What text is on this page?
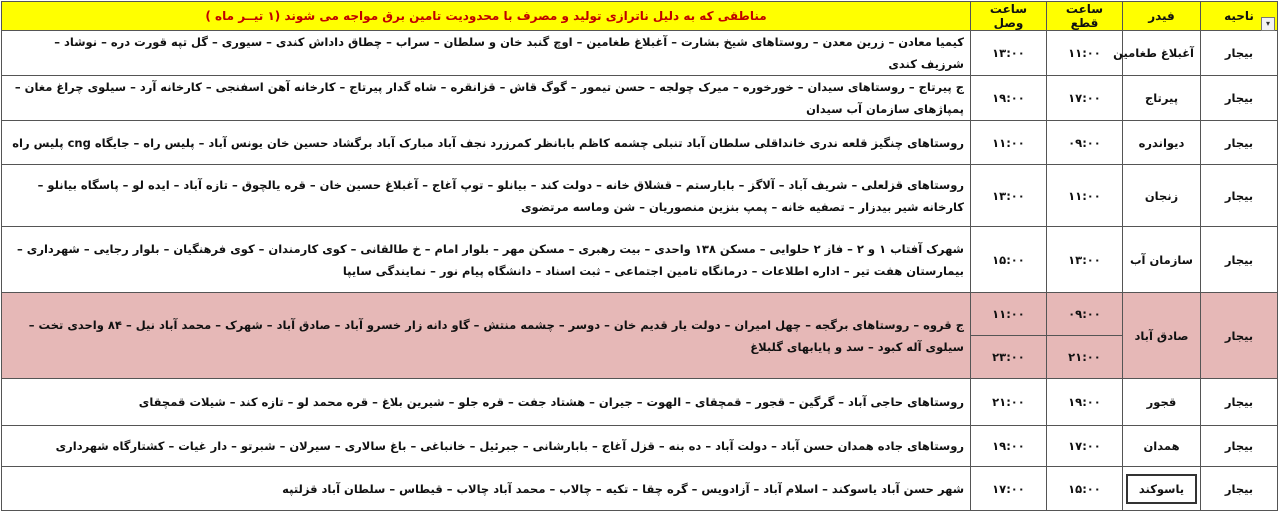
ناحیه
▾	فیدر	ساعت قطع	ساعت وصل	مناطقی که به دلیل ناترازی تولید و مصرف با محدودیت تامین برق مواجه می شوند (۱ تیــر ماه )
بیجار	آغبلاغ طغامین	۱۱:۰۰	۱۳:۰۰	کیمیا معادن – زرین معدن – روستاهای شیخ بشارت – آغبلاغ طغامین – اوچ گنبد خان و سلطان – سراب – چطاق داداش کندی – سیوری – گل تپه قورت دره – نوشاد – شرزیف کندی
بیجار	پیرتاج	۱۷:۰۰	۱۹:۰۰	ج پیرتاج – روستاهای سیدان – خورخوره – میرک چولجه – حسن تیمور – گوگ قاش – قزانقره – شاه گدار پیرتاج – کارخانه آهن اسفنجی – کارخانه آرد – سیلوی چراغ مغان – پمپاژهای سازمان آب سیدان
بیجار	دیواندره	۰۹:۰۰	۱۱:۰۰	روستاهای چنگیز قلعه ندری خانداقلی سلطان آباد تنبلی چشمه کاظم بابانظر کمرزرد نجف آباد مبارک آباد برگشاد حسین خان یونس آباد – پلیس راه – جایگاه cng پلیس راه
بیجار	زنجان	۱۱:۰۰	۱۳:۰۰	روستاهای قزلعلی – شریف آباد – آلاگز – بابارستم – قشلاق خانه – دولت کند – بیانلو – توپ آغاج – آغبلاغ حسین خان – قره یالچوق – تازه آباد – ایده لو – پاسگاه بیانلو – کارخانه شیر بیدزار – تصفیه خانه – پمپ بنزین منصوریان – شن وماسه مرتضوی
بیجار	سازمان آب	۱۳:۰۰	۱۵:۰۰	شهرک آفتاب ۱ و ۲ – فاز ۲ حلوایی – مسکن ۱۳۸ واحدی – بیت رهبری – مسکن مهر – بلوار امام – خ طالقانی – کوی کارمندان – کوی فرهنگیان – بلوار رجایی – شهرداری – بیمارستان هفت تیر – اداره اطلاعات – درمانگاه تامین اجتماعی – ثبت اسناد – دانشگاه پیام نور – نمایندگی سایپا
بیجار	صادق آباد	۰۹:۰۰	۱۱:۰۰	ج قروه – روستاهای برگجه – چهل امیران – دولت یار قدیم خان – دوسر – چشمه منتش – گاو دانه زار خسرو آباد – صادق آباد – شهرک – محمد آباد نیل – ۸۴ واحدی تخت –سیلوی آله کبود – سد و پایابهای گلبلاغ
		۲۱:۰۰	۲۳:۰۰	
بیجار	قجور	۱۹:۰۰	۲۱:۰۰	روستاهای حاجی آباد – گرگین – قجور – قمچقای – الهوت – جیران – هشتاد جفت – قره جلو – شیرین بلاغ – قره محمد لو – تازه کند – شیلات قمچقای
بیجار	همدان	۱۷:۰۰	۱۹:۰۰	روستاهای جاده همدان حسن آباد – دولت آباد – ده بنه – قزل آغاج – بابارشانی – جبرئیل – خانباغی – باغ سالاری – سیرلان – شبرتو – دار غیات – کشتارگاه شهرداری
بیجار	یاسوکند	۱۵:۰۰	۱۷:۰۰	شهر حسن آباد یاسوکند – اسلام آباد – آزادویس – گره چقا – تکیه – چالاب – محمد آباد چالاب – قیطاس – سلطان آباد قزلتپه
